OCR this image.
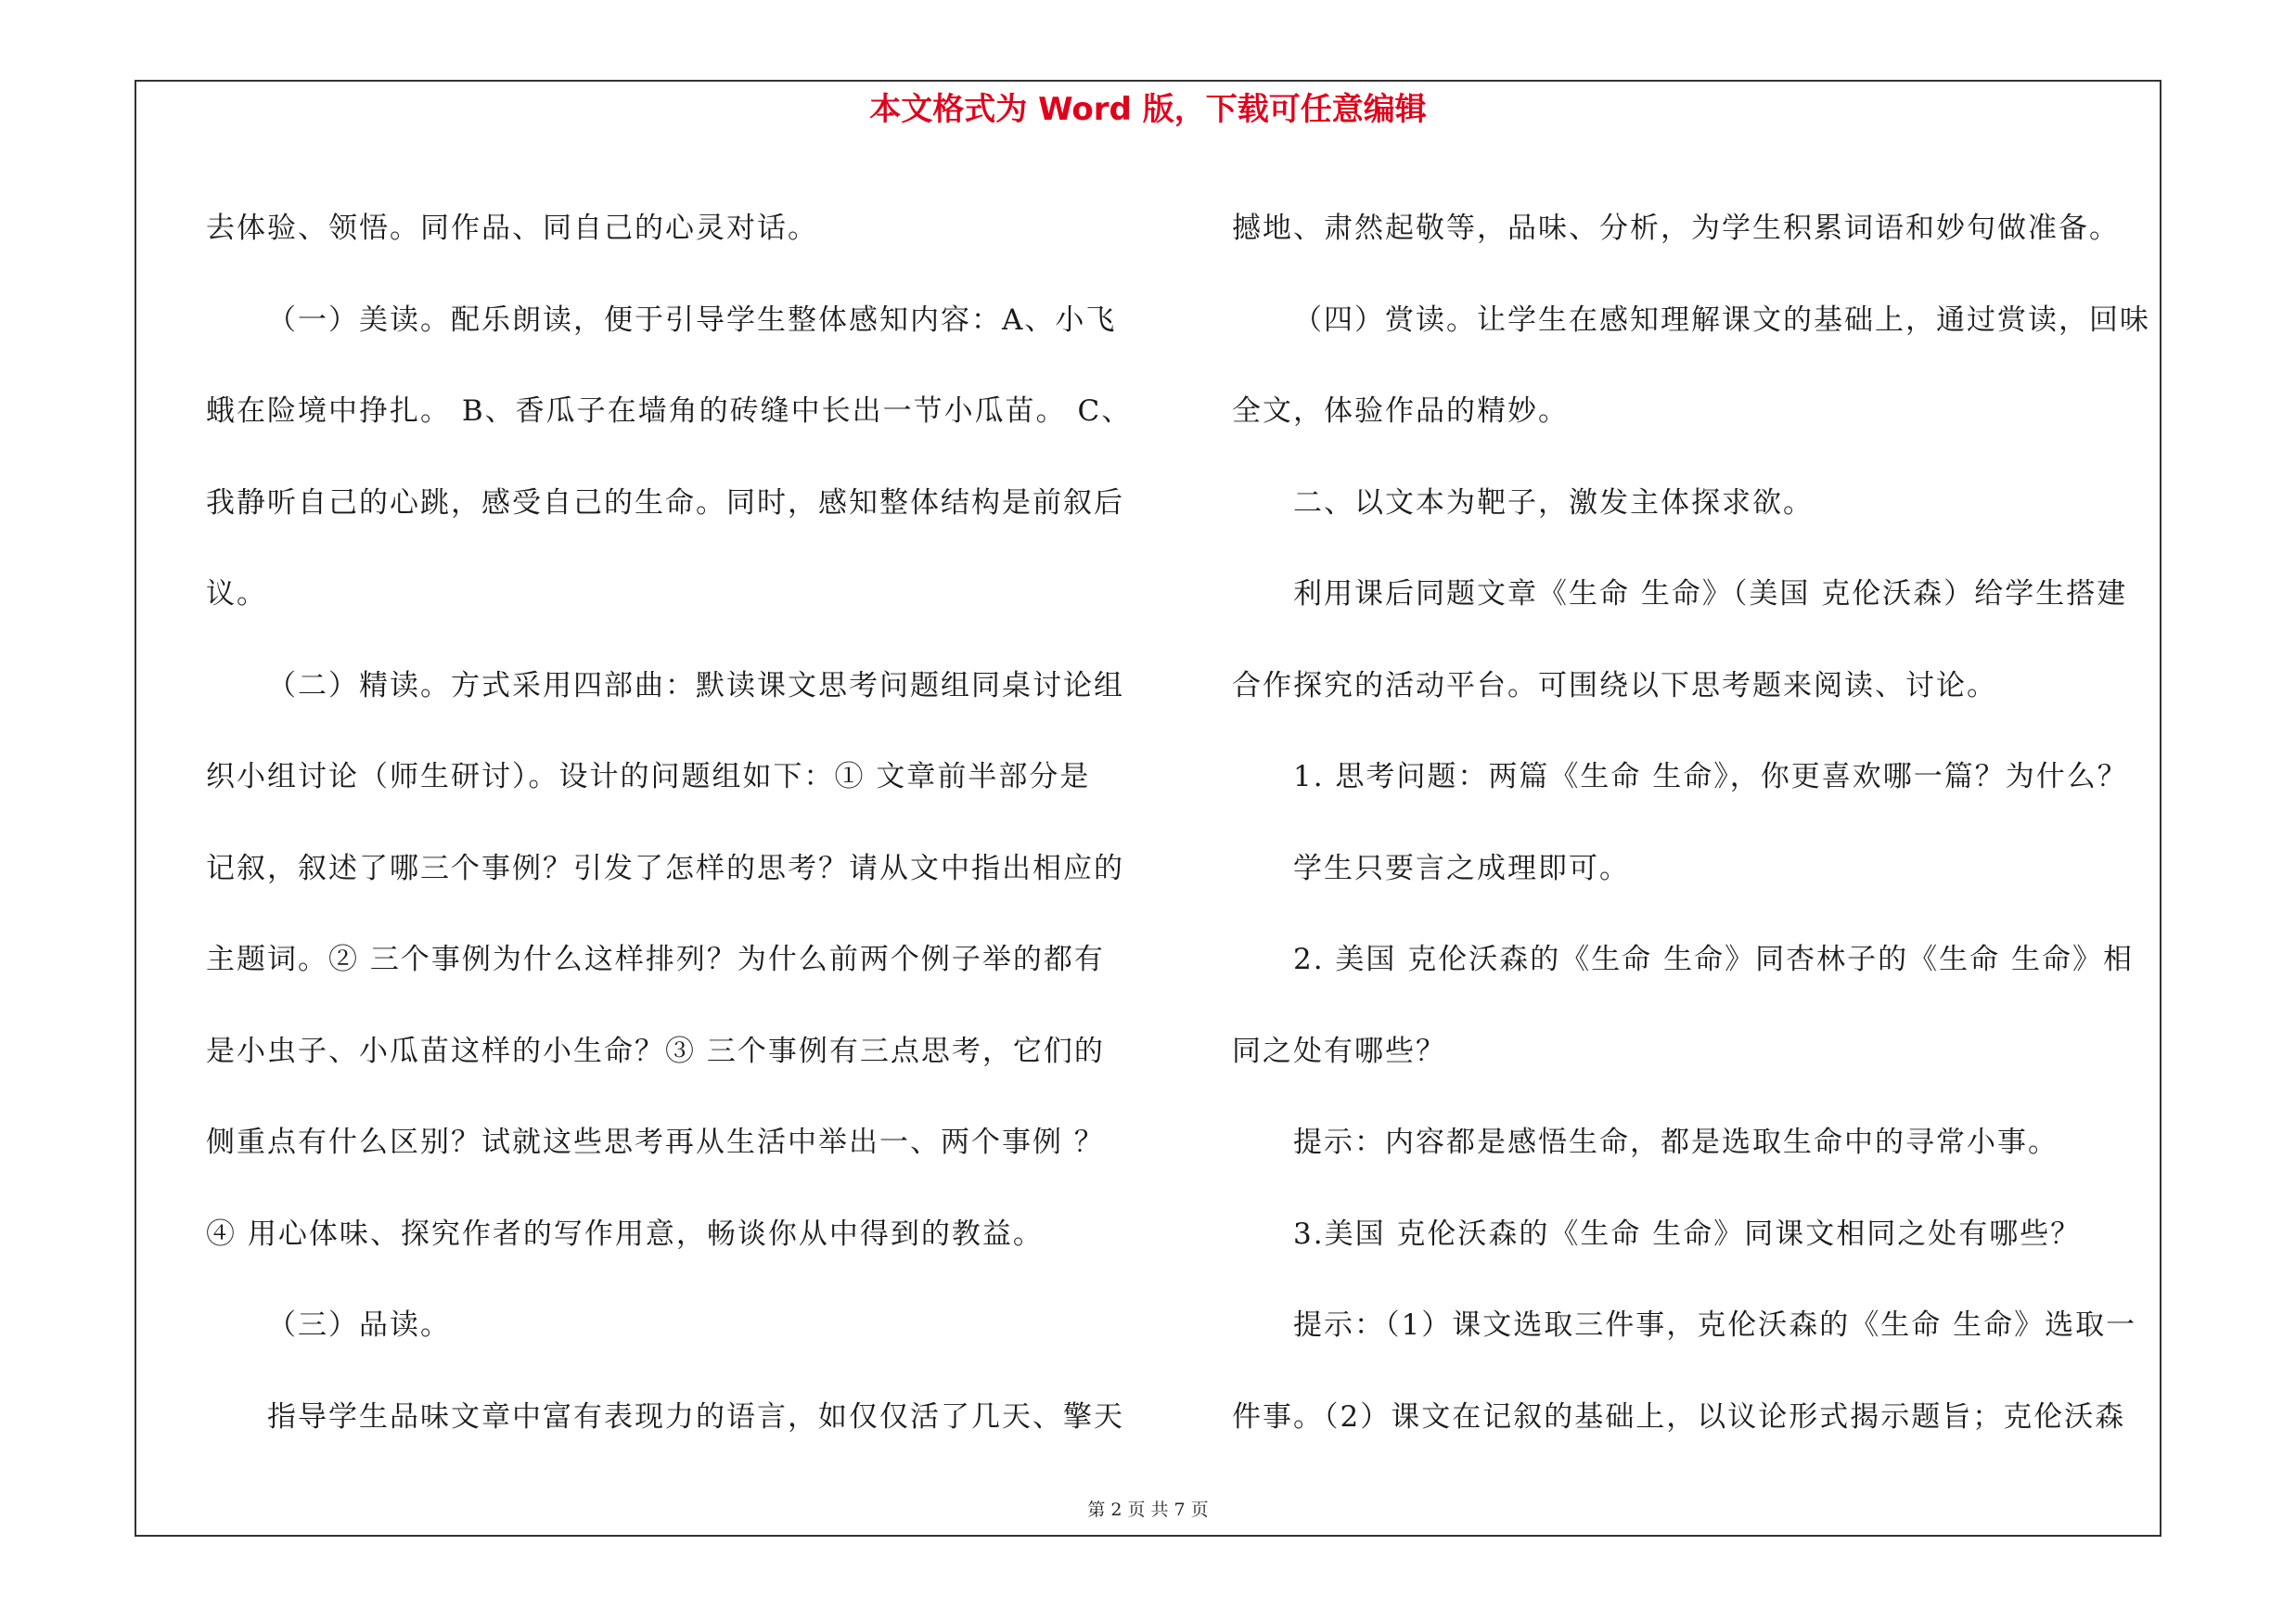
本文格式为 Word 版，下载可任意编辑

去体验、领悟。同作品、同自己的心灵对话。

（一）美读。配乐朗读，便于引导学生整体感知内容：A、小飞

蛾在险境中挣扎。 B、香瓜子在墙角的砖缝中长出一节小瓜苗。 C、

我静听自己的心跳，感受自己的生命。同时，感知整体结构是前叙后

议。

（二）精读。方式采用四部曲：默读课文思考问题组同桌讨论组

织小组讨论（师生研讨）。设计的问题组如下：① 文章前半部分是

记叙，叙述了哪三个事例？引发了怎样的思考？请从文中指出相应的

主题词。② 三个事例为什么这样排列？为什么前两个例子举的都有

是小虫子、小瓜苗这样的小生命？③ 三个事例有三点思考，它们的

侧重点有什么区别？试就这些思考再从生活中举出一、两个事例 ？

④ 用心体味、探究作者的写作用意，畅谈你从中得到的教益。

（三）品读。

指导学生品味文章中富有表现力的语言，如仅仅活了几天、擎天

撼地、肃然起敬等，品味、分析，为学生积累词语和妙句做准备。

（四）赏读。让学生在感知理解课文的基础上，通过赏读，回味

全文，体验作品的精妙。

二、以文本为靶子，激发主体探求欲。

利用课后同题文章《生命 生命》（美国 克伦沃森）给学生搭建

合作探究的活动平台。可围绕以下思考题来阅读、讨论。

1. 思考问题：两篇《生命 生命》，你更喜欢哪一篇？为什么？

学生只要言之成理即可。

2. 美国 克伦沃森的《生命 生命》同杏林子的《生命 生命》相

同之处有哪些？

提示：内容都是感悟生命，都是选取生命中的寻常小事。

3.美国 克伦沃森的《生命 生命》同课文相同之处有哪些？

提示：（1）课文选取三件事，克伦沃森的《生命 生命》选取一

件事。（2）课文在记叙的基础上，以议论形式揭示题旨；克伦沃森

第 2 页 共 7 页
